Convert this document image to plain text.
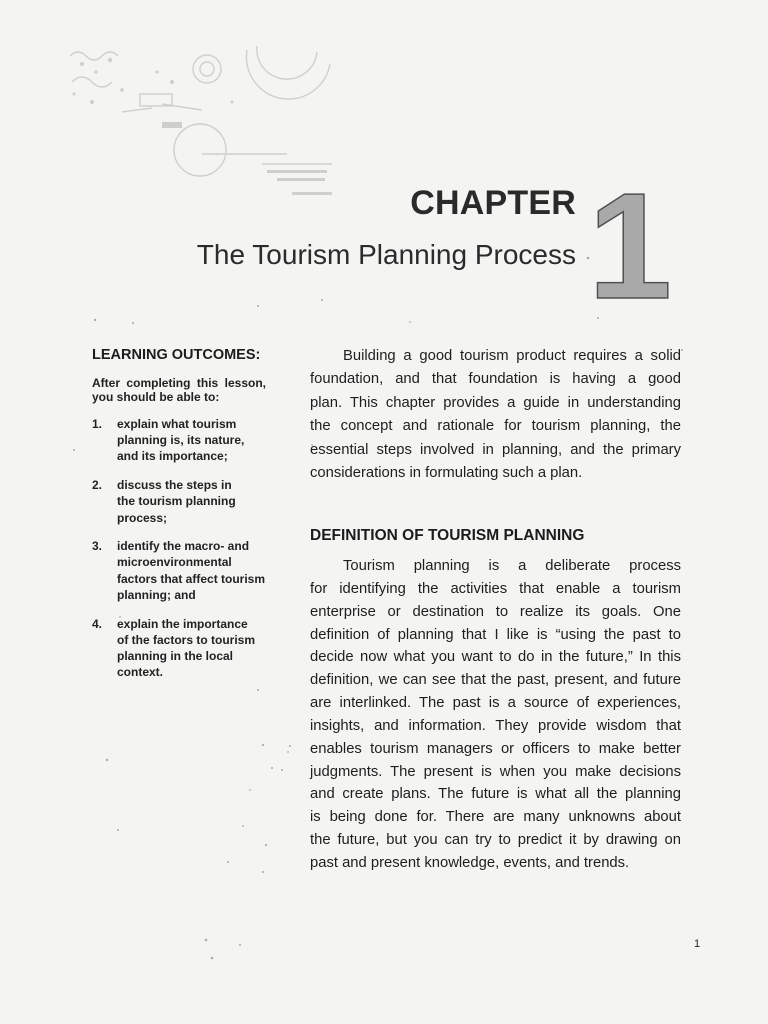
CHAPTER
The Tourism Planning Process 1
LEARNING OUTCOMES:
After completing this lesson,
you should be able to:
1.	explain what tourism
planning is, its nature,
and its importance;
2.	discuss the steps in
the tourism planning
process;
3.	identify the macro- and
microenvironmental
factors that affect tourism
planning; and
4.	explain the importance
of the factors to tourism
planning in the local
context.
Building a good tourism product requires a solid
foundation, and that foundation is having a good
plan. This chapter provides a guide in understanding
the concept and rationale for tourism planning, the
essential steps involved in planning, and the primary
considerations in formulating such a plan.
DEFINITION OF TOURISM PLANNING
Tourism planning is a deliberate process
for identifying the activities that enable a tourism
enterprise or destination to realize its goals. One
definition of planning that I like is “using the past to
decide now what you want to do in the future,” In this
definition, we can see that the past, present, and future
are interlinked. The past is a source of experiences,
insights, and information. They provide wisdom that
enables tourism managers or officers to make better
judgments. The present is when you make decisions
and create plans. The future is what all the planning
is being done for. There are many unknowns about
the future, but you can try to predict it by drawing on
past and present knowledge, events, and trends.
1
